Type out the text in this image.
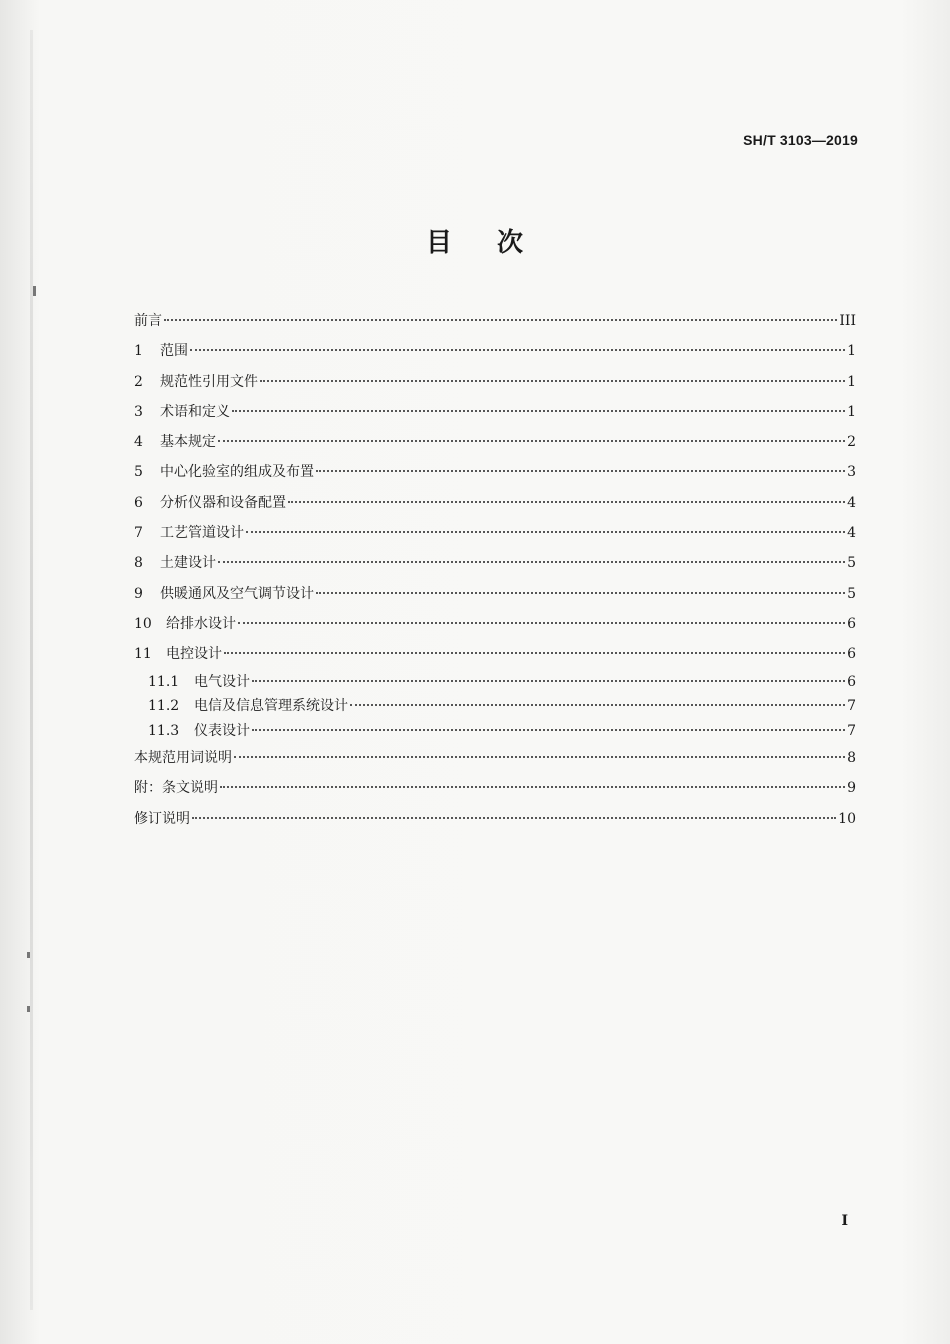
SH/T 3103—2019
目 次
前言	III
1	范围	1
2	规范性引用文件	1
3	术语和定义	1
4	基本规定	2
5	中心化验室的组成及布置	3
6	分析仪器和设备配置	4
7	工艺管道设计	4
8	土建设计	5
9	供暖通风及空气调节设计	5
10	给排水设计	6
11	电控设计	6
11.1	电气设计	6
11.2	电信及信息管理系统设计	7
11.3	仪表设计	7
本规范用词说明	8
附：条文说明	9
修订说明	10
I
